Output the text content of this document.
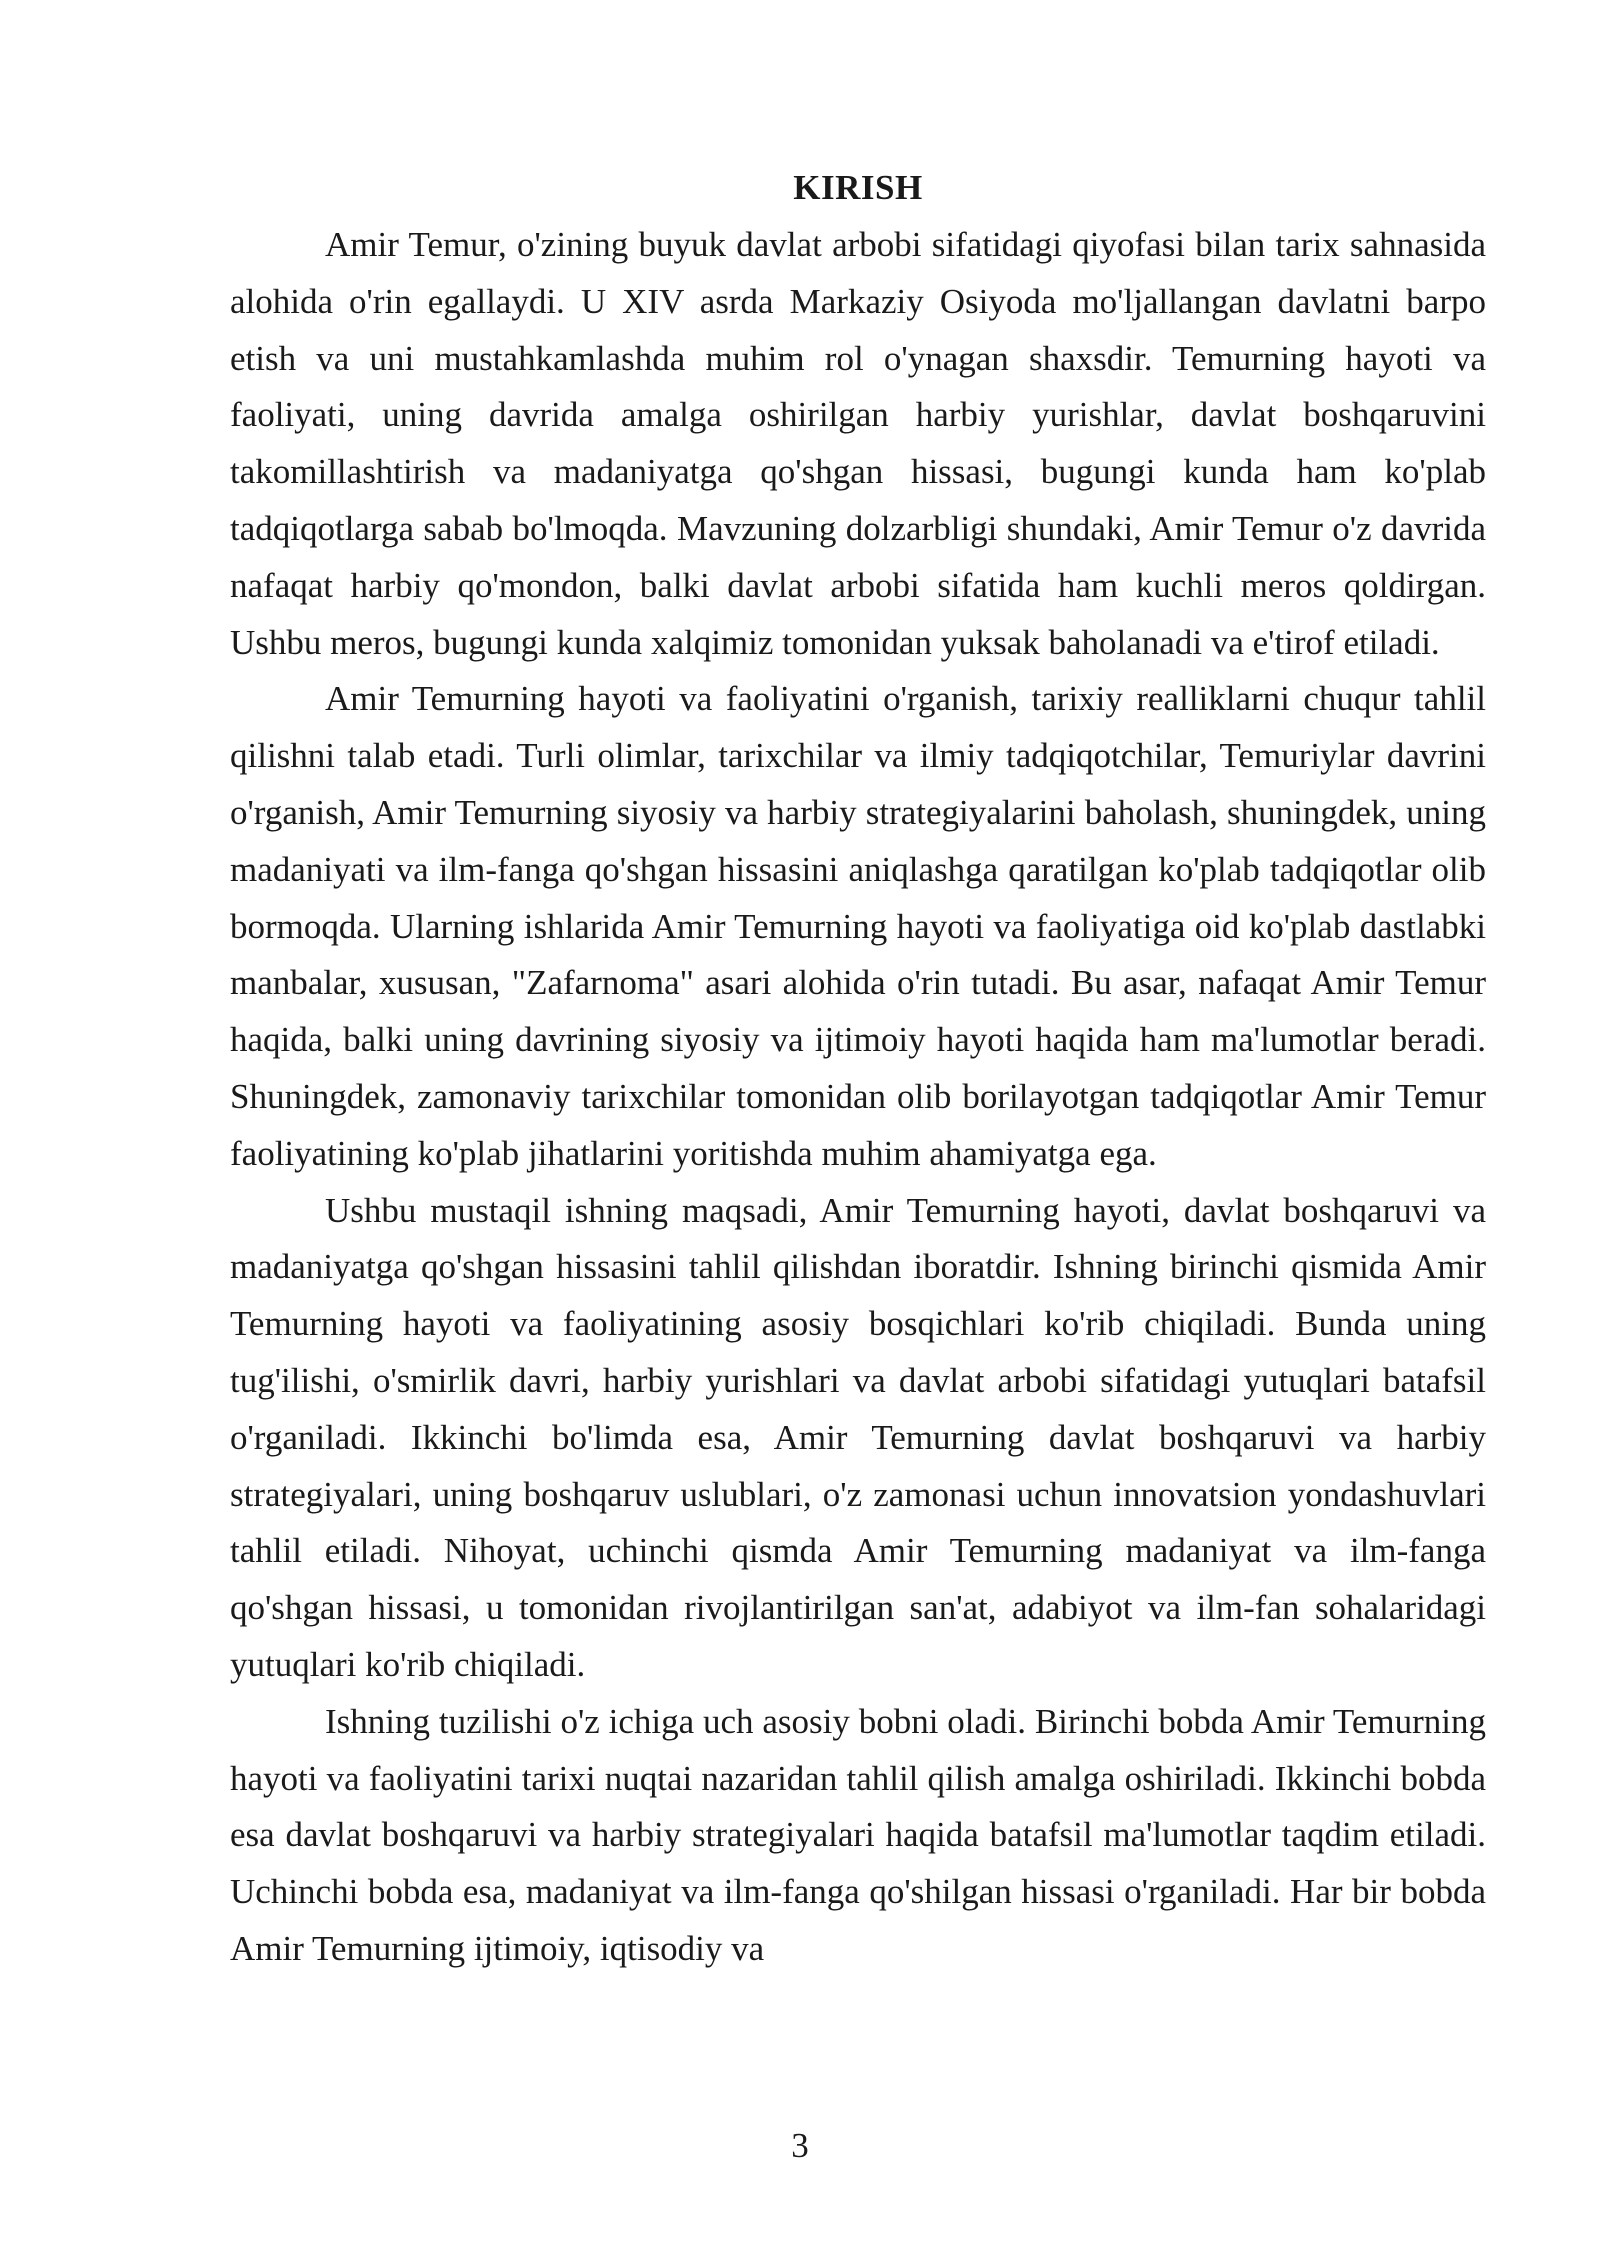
KIRISH

Amir Temur, o'zining buyuk davlat arbobi sifatidagi qiyofasi bilan tarix sahnasida alohida o'rin egallaydi. U XIV asrda Markaziy Osiyoda mo'ljallangan davlatni barpo etish va uni mustahkamlashda muhim rol o'ynagan shaxsdir. Temurning hayoti va faoliyati, uning davrida amalga oshirilgan harbiy yurishlar, davlat boshqaruvini takomillashtirish va madaniyatga qo'shgan hissasi, bugungi kunda ham ko'plab tadqiqotlarga sabab bo'lmoqda. Mavzuning dolzarbligi shundaki, Amir Temur o'z davrida nafaqat harbiy qo'mondon, balki davlat arbobi sifatida ham kuchli meros qoldirgan. Ushbu meros, bugungi kunda xalqimiz tomonidan yuksak baholanadi va e'tirof etiladi.

Amir Temurning hayoti va faoliyatini o'rganish, tarixiy realliklarni chuqur tahlil qilishni talab etadi. Turli olimlar, tarixchilar va ilmiy tadqiqotchilar, Temuriylar davrini o'rganish, Amir Temurning siyosiy va harbiy strategiyalarini baholash, shuningdek, uning madaniyati va ilm-fanga qo'shgan hissasini aniqlashga qaratilgan ko'plab tadqiqotlar olib bormoqda. Ularning ishlarida Amir Temurning hayoti va faoliyatiga oid ko'plab dastlabki manbalar, xususan, "Zafarnoma" asari alohida o'rin tutadi. Bu asar, nafaqat Amir Temur haqida, balki uning davrining siyosiy va ijtimoiy hayoti haqida ham ma'lumotlar beradi. Shuningdek, zamonaviy tarixchilar tomonidan olib borilayotgan tadqiqotlar Amir Temur faoliyatining ko'plab jihatlarini yoritishda muhim ahamiyatga ega.

Ushbu mustaqil ishning maqsadi, Amir Temurning hayoti, davlat boshqaruvi va madaniyatga qo'shgan hissasini tahlil qilishdan iboratdir. Ishning birinchi qismida Amir Temurning hayoti va faoliyatining asosiy bosqichlari ko'rib chiqiladi. Bunda uning tug'ilishi, o'smirlik davri, harbiy yurishlari va davlat arbobi sifatidagi yutuqlari batafsil o'rganiladi. Ikkinchi bo'limda esa, Amir Temurning davlat boshqaruvi va harbiy strategiyalari, uning boshqaruv uslublari, o'z zamonasi uchun innovatsion yondashuvlari tahlil etiladi. Nihoyat, uchinchi qismda Amir Temurning madaniyat va ilm-fanga qo'shgan hissasi, u tomonidan rivojlantirilgan san'at, adabiyot va ilm-fan sohalaridagi yutuqlari ko'rib chiqiladi.

Ishning tuzilishi o'z ichiga uch asosiy bobni oladi. Birinchi bobda Amir Temurning hayoti va faoliyatini tarixi nuqtai nazaridan tahlil qilish amalga oshiriladi. Ikkinchi bobda esa davlat boshqaruvi va harbiy strategiyalari haqida batafsil ma'lumotlar taqdim etiladi. Uchinchi bobda esa, madaniyat va ilm-fanga qo'shilgan hissasi o'rganiladi. Har bir bobda Amir Temurning ijtimoiy, iqtisodiy va

3
